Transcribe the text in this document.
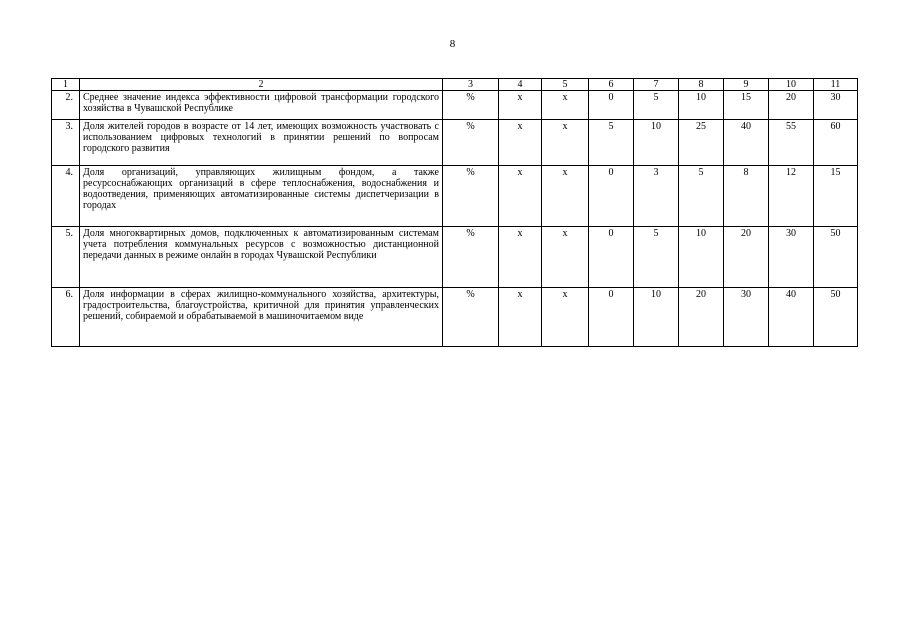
8
1	2	3	4	5	6	7	8	9	10	11
2.	Среднее значение индекса эффективности цифровой трансформации городского хозяйства в Чувашской Республике	%	x	x	0	5	10	15	20	30
3.	Доля жителей городов в возрасте от 14 лет, имеющих возможность участвовать с использованием цифровых технологий в принятии решений по вопросам городского развития	%	x	x	5	10	25	40	55	60
4.	Доля организаций, управляющих жилищным фондом, а также ресурсоснабжающих организаций в сфере теплоснабжения, водоснабжения и водоотведения, применяющих автоматизированные системы диспетчеризации в городах	%	x	x	0	3	5	8	12	15
5.	Доля многоквартирных домов, подключенных к автоматизированным системам учета потребления коммунальных ресурсов с возможностью дистанционной передачи данных в режиме онлайн в городах Чувашской Республики	%	x	x	0	5	10	20	30	50
6.	Доля информации в сферах жилищно-коммунального хозяйства, архитектуры, градостроительства, благоустройства, критичной для принятия управленческих решений, собираемой и обрабатываемой в машиночитаемом виде	%	x	x	0	10	20	30	40	50
